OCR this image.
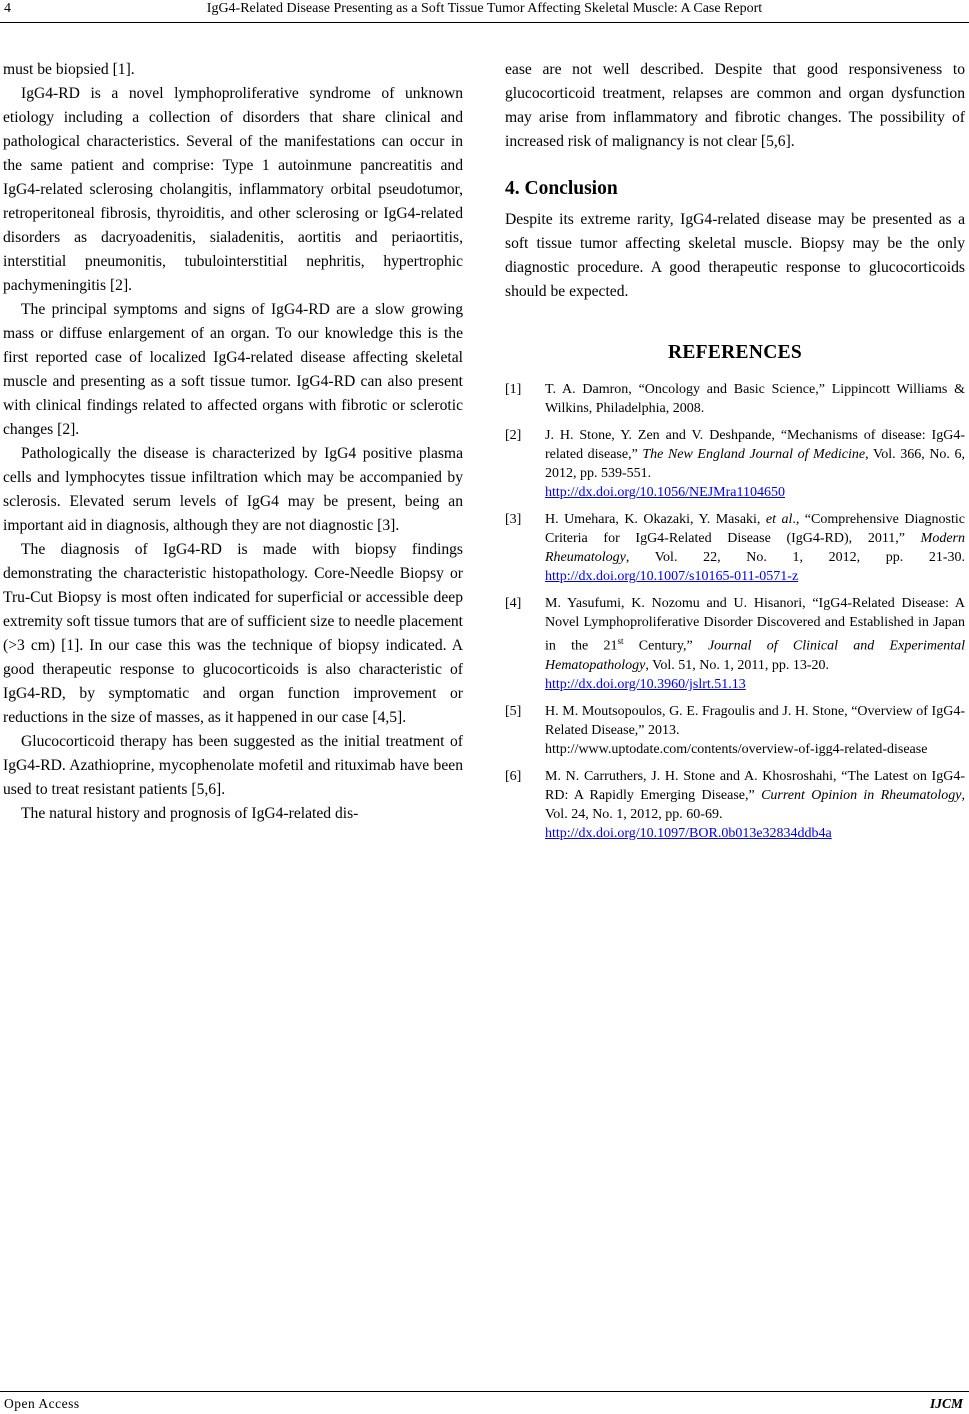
4	IgG4-Related Disease Presenting as a Soft Tissue Tumor Affecting Skeletal Muscle: A Case Report

must be biopsied [1].

IgG4-RD is a novel lymphoproliferative syndrome of unknown etiology including a collection of disorders that share clinical and pathological characteristics. Several of the manifestations can occur in the same patient and comprise: Type 1 autoinmune pancreatitis and IgG4-related sclerosing cholangitis, inflammatory orbital pseudotumor, retroperitoneal fibrosis, thyroiditis, and other sclerosing or IgG4-related disorders as dacryoadenitis, sialadenitis, aortitis and periaortitis, interstitial pneumonitis, tubulointerstitial nephritis, hypertrophic pachymeningitis [2].

The principal symptoms and signs of IgG4-RD are a slow growing mass or diffuse enlargement of an organ. To our knowledge this is the first reported case of localized IgG4-related disease affecting skeletal muscle and presenting as a soft tissue tumor. IgG4-RD can also present with clinical findings related to affected organs with fibrotic or sclerotic changes [2].

Pathologically the disease is characterized by IgG4 positive plasma cells and lymphocytes tissue infiltration which may be accompanied by sclerosis. Elevated serum levels of IgG4 may be present, being an important aid in diagnosis, although they are not diagnostic [3].

The diagnosis of IgG4-RD is made with biopsy findings demonstrating the characteristic histopathology. Core-Needle Biopsy or Tru-Cut Biopsy is most often indicated for superficial or accessible deep extremity soft tissue tumors that are of sufficient size to needle placement (>3 cm) [1]. In our case this was the technique of biopsy indicated. A good therapeutic response to glucocorticoids is also characteristic of IgG4-RD, by symptomatic and organ function improvement or reductions in the size of masses, as it happened in our case [4,5].

Glucocorticoid therapy has been suggested as the initial treatment of IgG4-RD. Azathioprine, mycophenolate mofetil and rituximab have been used to treat resistant patients [5,6].

The natural history and prognosis of IgG4-related dis-

ease are not well described. Despite that good responsiveness to glucocorticoid treatment, relapses are common and organ dysfunction may arise from inflammatory and fibrotic changes. The possibility of increased risk of malignancy is not clear [5,6].

4. Conclusion

Despite its extreme rarity, IgG4-related disease may be presented as a soft tissue tumor affecting skeletal muscle. Biopsy may be the only diagnostic procedure. A good therapeutic response to glucocorticoids should be expected.

REFERENCES
[1] T. A. Damron, “Oncology and Basic Science,” Lippincott Williams & Wilkins, Philadelphia, 2008.
[2] J. H. Stone, Y. Zen and V. Deshpande, “Mechanisms of disease: IgG4-related disease,” The New England Journal of Medicine, Vol. 366, No. 6, 2012, pp. 539-551.
http://dx.doi.org/10.1056/NEJMra1104650
[3] H. Umehara, K. Okazaki, Y. Masaki, et al., “Comprehensive Diagnostic Criteria for IgG4-Related Disease (IgG4-RD), 2011,” Modern Rheumatology, Vol. 22, No. 1, 2012, pp. 21-30. http://dx.doi.org/10.1007/s10165-011-0571-z
[4] M. Yasufumi, K. Nozomu and U. Hisanori, “IgG4-Related Disease: A Novel Lymphoproliferative Disorder Discovered and Established in Japan in the 21st Century,” Journal of Clinical and Experimental Hematopathology, Vol. 51, No. 1, 2011, pp. 13-20.
http://dx.doi.org/10.3960/jslrt.51.13
[5] H. M. Moutsopoulos, G. E. Fragoulis and J. H. Stone, “Overview of IgG4-Related Disease,” 2013.
http://www.uptodate.com/contents/overview-of-igg4-related-disease
[6] M. N. Carruthers, J. H. Stone and A. Khosroshahi, “The Latest on IgG4-RD: A Rapidly Emerging Disease,” Current Opinion in Rheumatology, Vol. 24, No. 1, 2012, pp. 60-69.
http://dx.doi.org/10.1097/BOR.0b013e32834ddb4a
Open Access	IJCM
